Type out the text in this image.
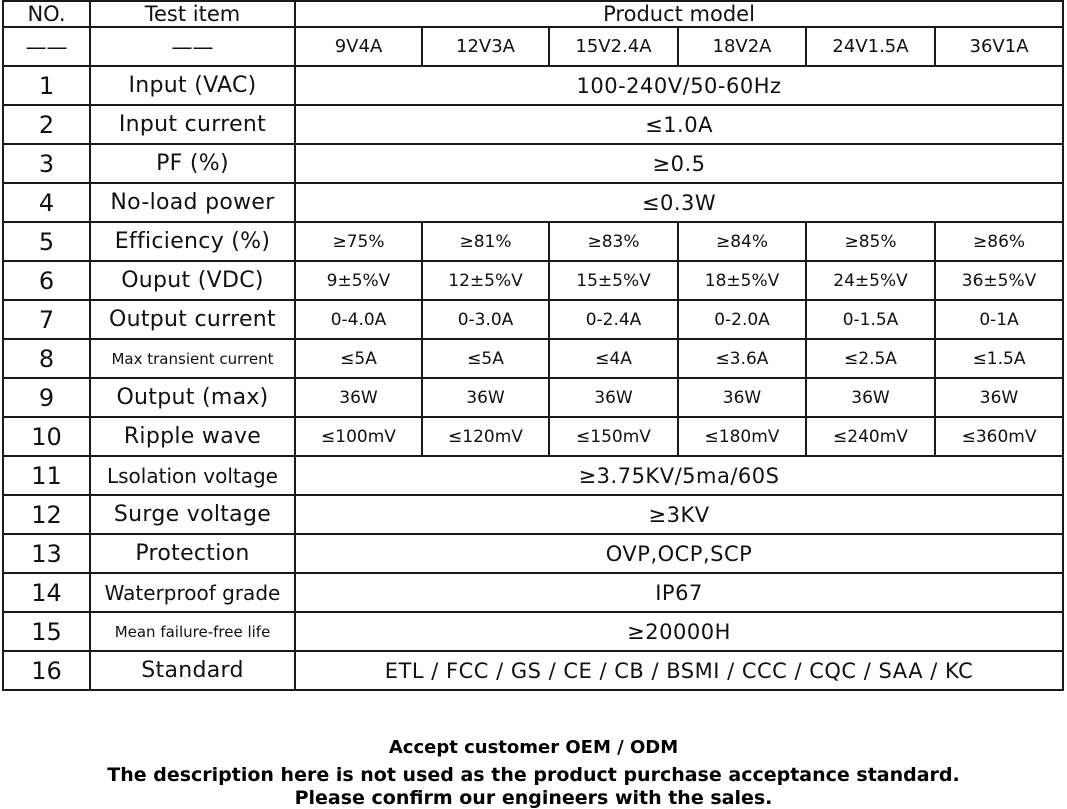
NO.	Test item	Product model					
——	——	9V4A	12V3A	15V2.4A	18V2A	24V1.5A	36V1A
1	Input (VAC)	100-240V/50-60Hz					
2	Input current	≤1.0A					
3	PF (%)	≥0.5					
4	No-load power	≤0.3W					
5	Efficiency (%)	≥75%	≥81%	≥83%	≥84%	≥85%	≥86%
6	Ouput (VDC)	9±5%V	12±5%V	15±5%V	18±5%V	24±5%V	36±5%V
7	Output current	0-4.0A	0-3.0A	0-2.4A	0-2.0A	0-1.5A	0-1A
8	Max transient current	≤5A	≤5A	≤4A	≤3.6A	≤2.5A	≤1.5A
9	Output (max)	36W	36W	36W	36W	36W	36W
10	Ripple wave	≤100mV	≤120mV	≤150mV	≤180mV	≤240mV	≤360mV
11	Lsolation voltage	≥3.75KV/5ma/60S					
12	Surge voltage	≥3KV					
13	Protection	OVP,OCP,SCP					
14	Waterproof grade	IP67					
15	Mean failure-free life	≥20000H					
16	Standard	ETL / FCC / GS / CE / CB / BSMI / CCC / CQC / SAA / KC					
Accept customer OEM / ODM
The description here is not used as the product purchase acceptance standard.
Please confirm our engineers with the sales.
